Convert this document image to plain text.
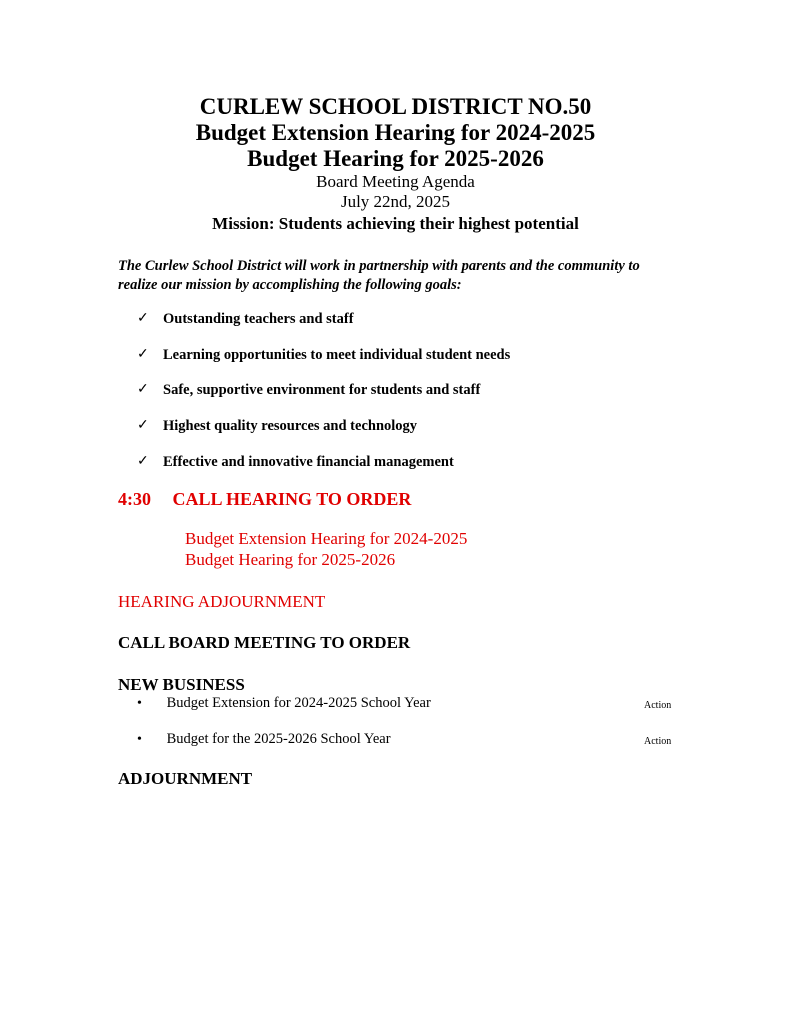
CURLEW SCHOOL DISTRICT NO.50
Budget Extension Hearing for 2024-2025
Budget Hearing for 2025-2026
Board Meeting Agenda
July 22nd, 2025
Mission: Students achieving their highest potential
The Curlew School District will work in partnership with parents and the community to
realize our mission by accomplishing the following goals:
✓ Outstanding teachers and staff
✓ Learning opportunities to meet individual student needs
✓ Safe, supportive environment for students and staff
✓ Highest quality resources and technology
✓ Effective and innovative financial management
4:30 CALL HEARING TO ORDER
Budget Extension Hearing for 2024-2025
Budget Hearing for 2025-2026
HEARING ADJOURNMENT
CALL BOARD MEETING TO ORDER
NEW BUSINESS
• Budget Extension for 2024-2025 School Year	Action
• Budget for the 2025-2026 School Year	Action
ADJOURNMENT
